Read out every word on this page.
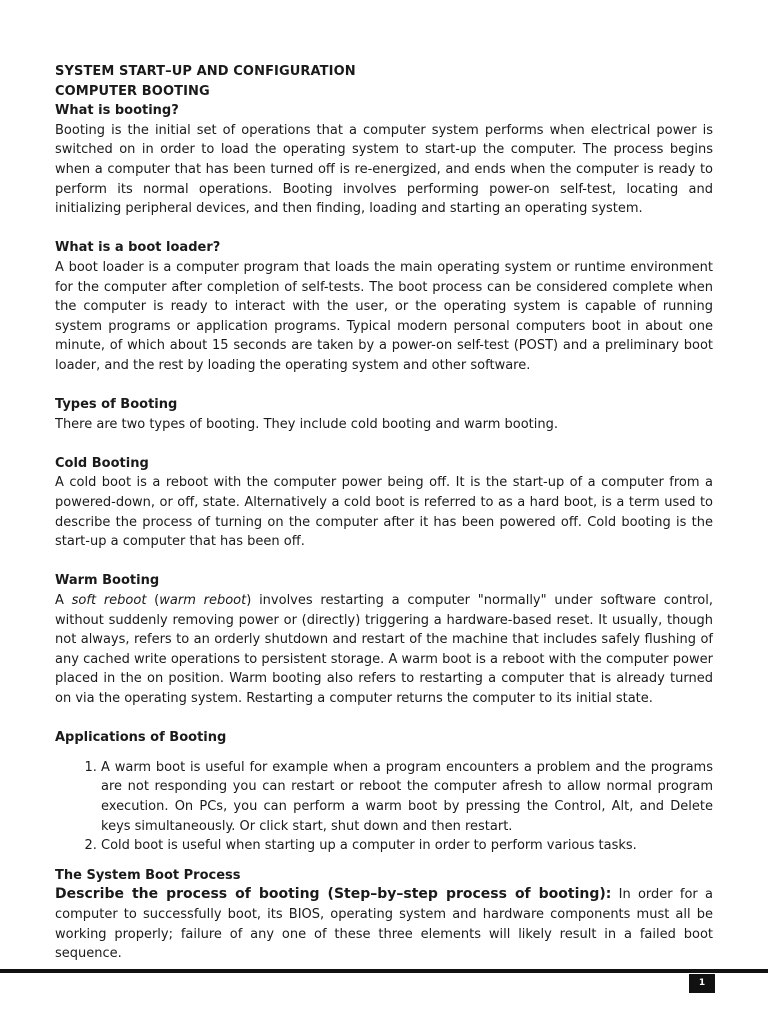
SYSTEM START–UP AND CONFIGURATION
COMPUTER BOOTING
What is booting?

Booting is the initial set of operations that a computer system performs when electrical power is switched on in order to load the operating system to start-up the computer. The process begins when a computer that has been turned off is re-energized, and ends when the computer is ready to perform its normal operations. Booting involves performing power-on self-test, locating and initializing peripheral devices, and then finding, loading and starting an operating system.

What is a boot loader?

A boot loader is a computer program that loads the main operating system or runtime environment for the computer after completion of self-tests. The boot process can be considered complete when the computer is ready to interact with the user, or the operating system is capable of running system programs or application programs. Typical modern personal computers boot in about one minute, of which about 15 seconds are taken by a power-on self-test (POST) and a preliminary boot loader, and the rest by loading the operating system and other software.

Types of Booting

There are two types of booting. They include cold booting and warm booting.

Cold Booting

A cold boot is a reboot with the computer power being off. It is the start-up of a computer from a powered-down, or off, state. Alternatively a cold boot is referred to as a hard boot, is a term used to describe the process of turning on the computer after it has been powered off. Cold booting is the start-up a computer that has been off.

Warm Booting

A soft reboot (warm reboot) involves restarting a computer "normally" under software control, without suddenly removing power or (directly) triggering a hardware-based reset. It usually, though not always, refers to an orderly shutdown and restart of the machine that includes safely flushing of any cached write operations to persistent storage. A warm boot is a reboot with the computer power placed in the on position. Warm booting also refers to restarting a computer that is already turned on via the operating system. Restarting a computer returns the computer to its initial state.

Applications of Booting
1. A warm boot is useful for example when a program encounters a problem and the programs are not responding you can restart or reboot the computer afresh to allow normal program execution. On PCs, you can perform a warm boot by pressing the Control, Alt, and Delete keys simultaneously. Or click start, shut down and then restart.
2. Cold boot is useful when starting up a computer in order to perform various tasks.
The System Boot Process

Describe the process of booting (Step–by–step process of booting): In order for a computer to successfully boot, its BIOS, operating system and hardware components must all be working properly; failure of any one of these three elements will likely result in a failed boot sequence.

1
